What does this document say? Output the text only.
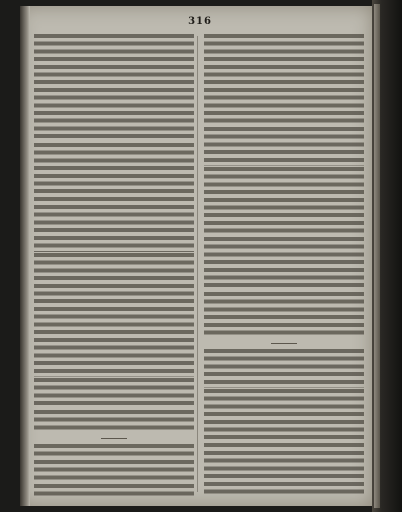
316
